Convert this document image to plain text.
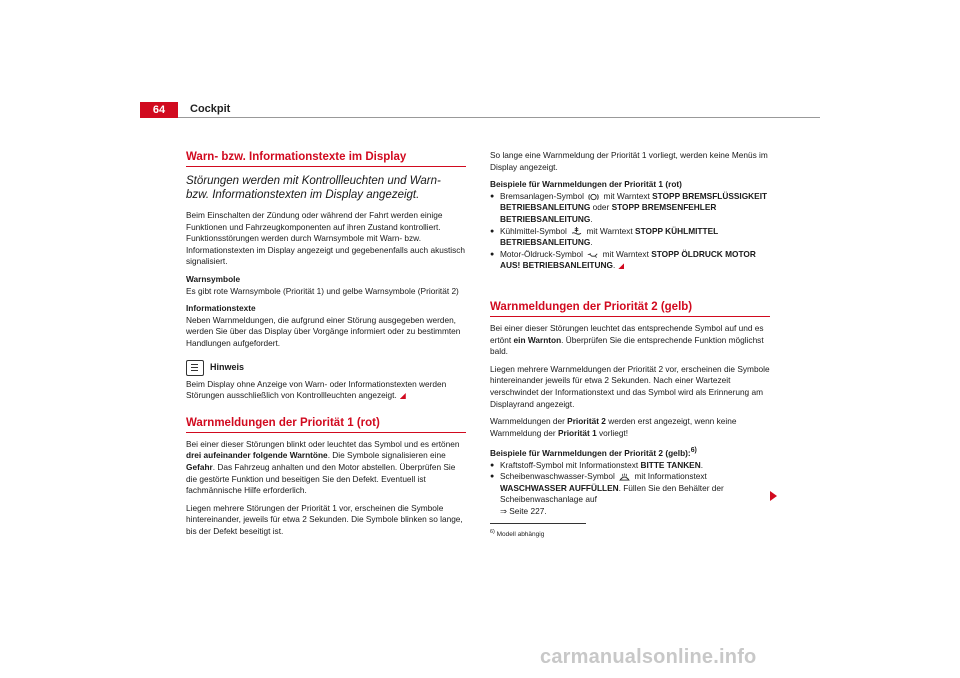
64	Cockpit
Warn- bzw. Informationstexte im Display
Störungen werden mit Kontrollleuchten und Warn- bzw. Informationstexten im Display angezeigt.

Beim Einschalten der Zündung oder während der Fahrt werden einige Funktionen und Fahrzeugkomponenten auf ihren Zustand kontrolliert. Funktionsstörungen werden durch Warnsymbole mit Warn- bzw. Informationstexten im Display angezeigt und gegebenenfalls auch akustisch signalisiert.

Warnsymbole

Es gibt rote Warnsymbole (Priorität 1) und gelbe Warnsymbole (Priorität 2)

Informationstexte

Neben Warnmeldungen, die aufgrund einer Störung ausgegeben werden, werden Sie über das Display über Vorgänge informiert oder zu bestimmten Handlungen aufgefordert.

Hinweis

Beim Display ohne Anzeige von Warn- oder Informationstexten werden Störungen ausschließlich von Kontrollleuchten angezeigt.

Warnmeldungen der Priorität 1 (rot)

Bei einer dieser Störungen blinkt oder leuchtet das Symbol und es ertönen drei aufeinander folgende Warntöne. Die Symbole signalisieren eine Gefahr. Das Fahrzeug anhalten und den Motor abstellen. Überprüfen Sie die gestörte Funktion und beseitigen Sie den Defekt. Eventuell ist fachmännische Hilfe erforderlich.

Liegen mehrere Störungen der Priorität 1 vor, erscheinen die Symbole hintereinander, jeweils für etwa 2 Sekunden. Die Symbole blinken so lange, bis der Defekt beseitigt ist.

So lange eine Warnmeldung der Priorität 1 vorliegt, werden keine Menüs im Display angezeigt.

Beispiele für Warnmeldungen der Priorität 1 (rot)

● Bremsanlagen-Symbol  mit Warntext STOPP BREMSFLÜSSIGKEIT BETRIEBSANLEITUNG oder STOPP BREMSENFEHLER BETRIEBSANLEITUNG.

● Kühlmittel-Symbol  mit Warntext STOPP KÜHLMITTEL BETRIEBSANLEITUNG.

● Motor-Öldruck-Symbol  mit Warntext STOPP ÖLDRUCK MOTOR AUS! BETRIEBSANLEITUNG.

Warnmeldungen der Priorität 2 (gelb)

Bei einer dieser Störungen leuchtet das entsprechende Symbol auf und es ertönt ein Warnton. Überprüfen Sie die entsprechende Funktion möglichst bald.

Liegen mehrere Warnmeldungen der Priorität 2 vor, erscheinen die Symbole hintereinander jeweils für etwa 2 Sekunden. Nach einer Wartezeit verschwindet der Informationstext und das Symbol wird als Erinnerung am Displayrand angezeigt.

Warnmeldungen der Priorität 2 werden erst angezeigt, wenn keine Warnmeldung der Priorität 1 vorliegt!

Beispiele für Warnmeldungen der Priorität 2 (gelb):$^{6)}$

● Kraftstoff-Symbol mit Informationstext BITTE TANKEN.

● Scheibenwaschwasser-Symbol  mit Informationstext WASCHWASSER AUFFÜLLEN. Füllen Sie den Behälter der Scheibenwaschanlage auf
⇒ Seite 227.

$^{6)}$ Modell abhängig
carmanualsonline.info
